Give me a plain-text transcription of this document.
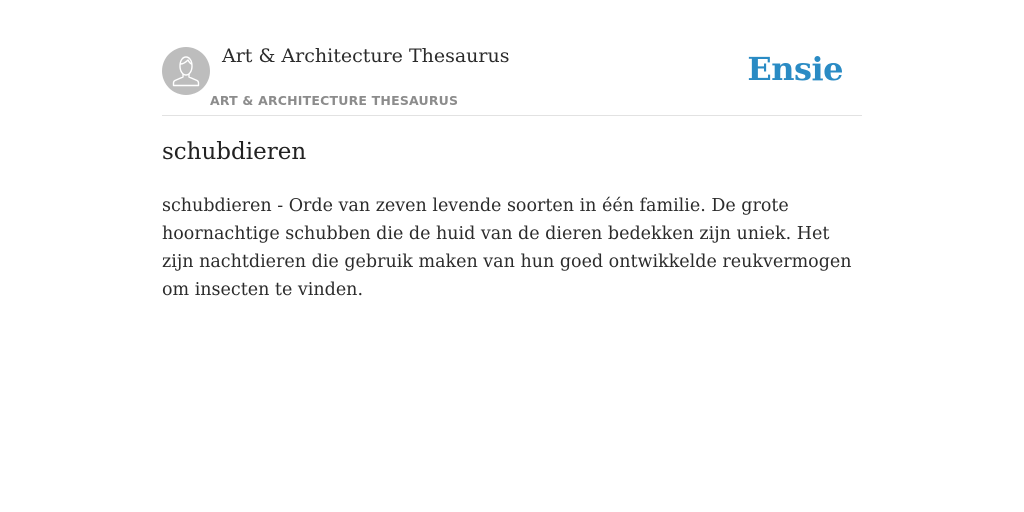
Art & Architecture Thesaurus
ART & ARCHITECTURE THESAURUS
Ensie
schubdieren

schubdieren - Orde van zeven levende soorten in één familie. De grote hoornachtige schubben die de huid van de dieren bedekken zijn uniek. Het zijn nachtdieren die gebruik maken van hun goed ontwikkelde reukvermogen om insecten te vinden.
